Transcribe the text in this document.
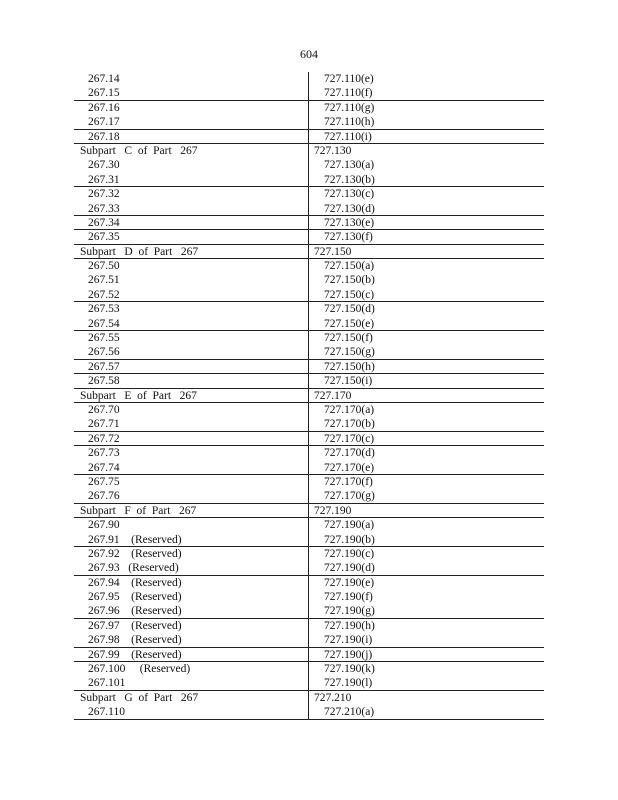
604
267.14	727.110(e)
267.15	727.110(f)
267.16	727.110(g)
267.17	727.110(h)
267.18	727.110(i)
Subpart   C  of  Part   267	727.130
267.30	727.130(a)
267.31	727.130(b)
267.32	727.130(c)
267.33	727.130(d)
267.34	727.130(e)
267.35	727.130(f)
Subpart   D  of  Part   267	727.150
267.50	727.150(a)
267.51	727.150(b)
267.52	727.150(c)
267.53	727.150(d)
267.54	727.150(e)
267.55	727.150(f)
267.56	727.150(g)
267.57	727.150(h)
267.58	727.150(i)
Subpart   E  of  Part   267	727.170
267.70	727.170(a)
267.71	727.170(b)
267.72	727.170(c)
267.73	727.170(d)
267.74	727.170(e)
267.75	727.170(f)
267.76	727.170(g)
Subpart   F  of  Part   267	727.190
267.90	727.190(a)
267.91    (Reserved)	727.190(b)
267.92    (Reserved)	727.190(c)
267.93   (Reserved)	727.190(d)
267.94    (Reserved)	727.190(e)
267.95    (Reserved)	727.190(f)
267.96    (Reserved)	727.190(g)
267.97    (Reserved)	727.190(h)
267.98    (Reserved)	727.190(i)
267.99    (Reserved)	727.190(j)
267.100     (Reserved)	727.190(k)
267.101	727.190(l)
Subpart   G  of  Part   267	727.210
267.110	727.210(a)
